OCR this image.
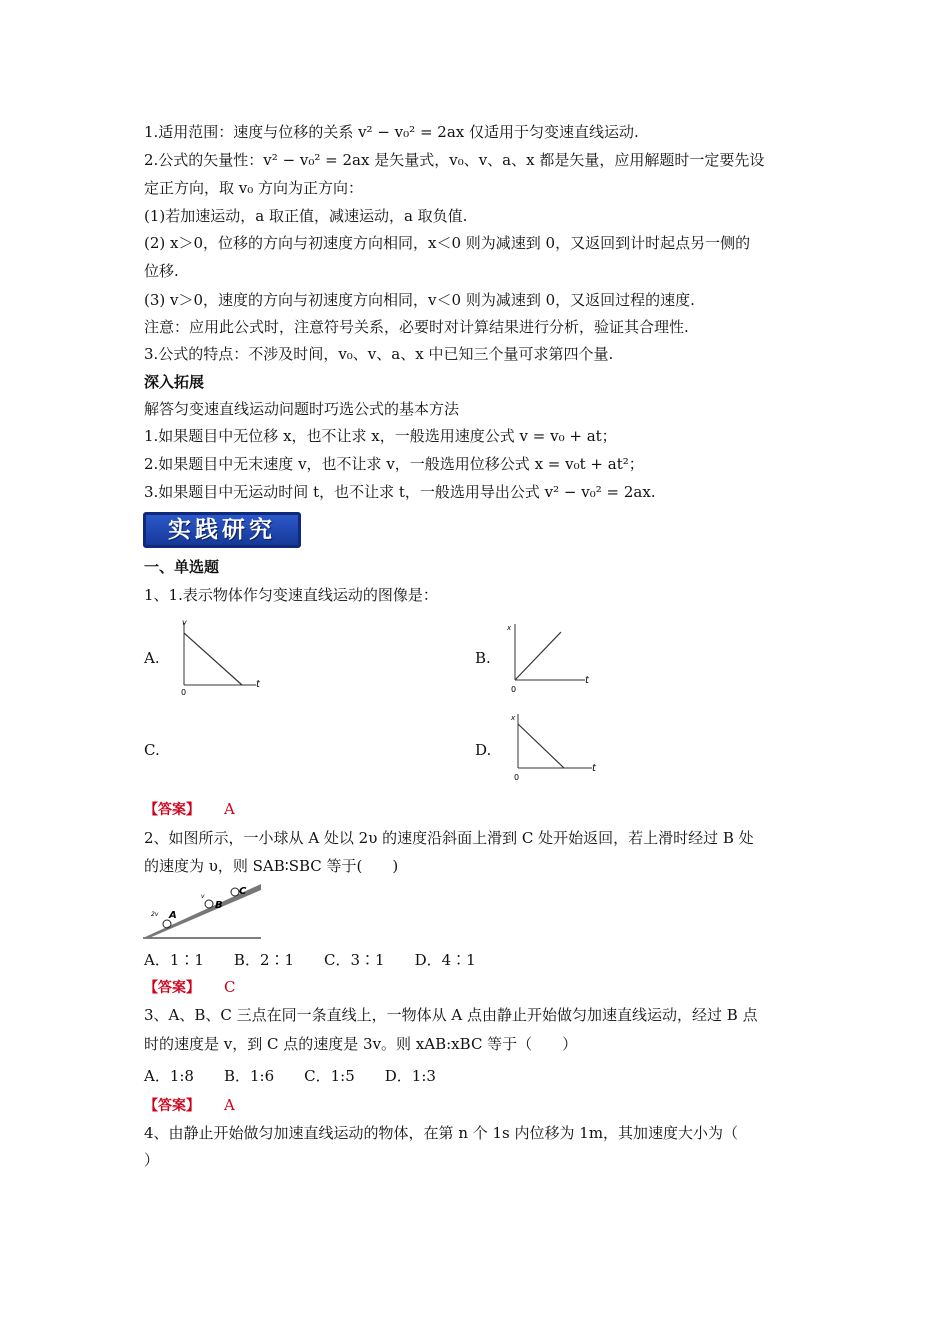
1.适用范围：速度与位移的关系 v² − v₀² = 2ax 仅适用于匀变速直线运动.
2.公式的矢量性：v² − v₀² = 2ax 是矢量式，v₀、v、a、x 都是矢量，应用解题时一定要先设
定正方向，取 v₀ 方向为正方向：
(1)若加速运动，a 取正值，减速运动，a 取负值.
(2) x＞0，位移的方向与初速度方向相同，x＜0 则为减速到 0，又返回到计时起点另一侧的
位移.
(3) v＞0，速度的方向与初速度方向相同，v＜0 则为减速到 0，又返回过程的速度.
注意：应用此公式时，注意符号关系，必要时对计算结果进行分析，验证其合理性.
3.公式的特点：不涉及时间，v₀、v、a、x 中已知三个量可求第四个量.
深入拓展
解答匀变速直线运动问题时巧选公式的基本方法
1.如果题目中无位移 x，也不让求 x，一般选用速度公式 v = v₀ + at；
2.如果题目中无末速度 v，也不让求 v，一般选用位移公式 x = v₀t + at²；
3.如果题目中无运动时间 t，也不让求 t，一般选用导出公式 v² − v₀² = 2ax.
实践研究
一、单选题
1、1.表示物体作匀变速直线运动的图像是：
A.	B.
C.	D.
v
t
0
x
t
0
x
t
0
【答案】 A
2、如图所示，一小球从 A 处以 2υ 的速度沿斜面上滑到 C 处开始返回，若上滑时经过 B 处
的速度为 υ，则 SAB∶SBC 等于(　　)
A
B
C
2v
v
A．1∶1　　B．2∶1　　C．3∶1　　D．4∶1
【答案】 C
3、A、B、C 三点在同一条直线上，一物体从 A 点由静止开始做匀加速直线运动，经过 B 点
时的速度是 v，到 C 点的速度是 3v。则 xAB:xBC 等于（　　）
A．1:8　　B．1:6　　C．1:5　　D．1:3
【答案】 A
4、由静止开始做匀加速直线运动的物体，在第 n 个 1s 内位移为 1m，其加速度大小为（
）
